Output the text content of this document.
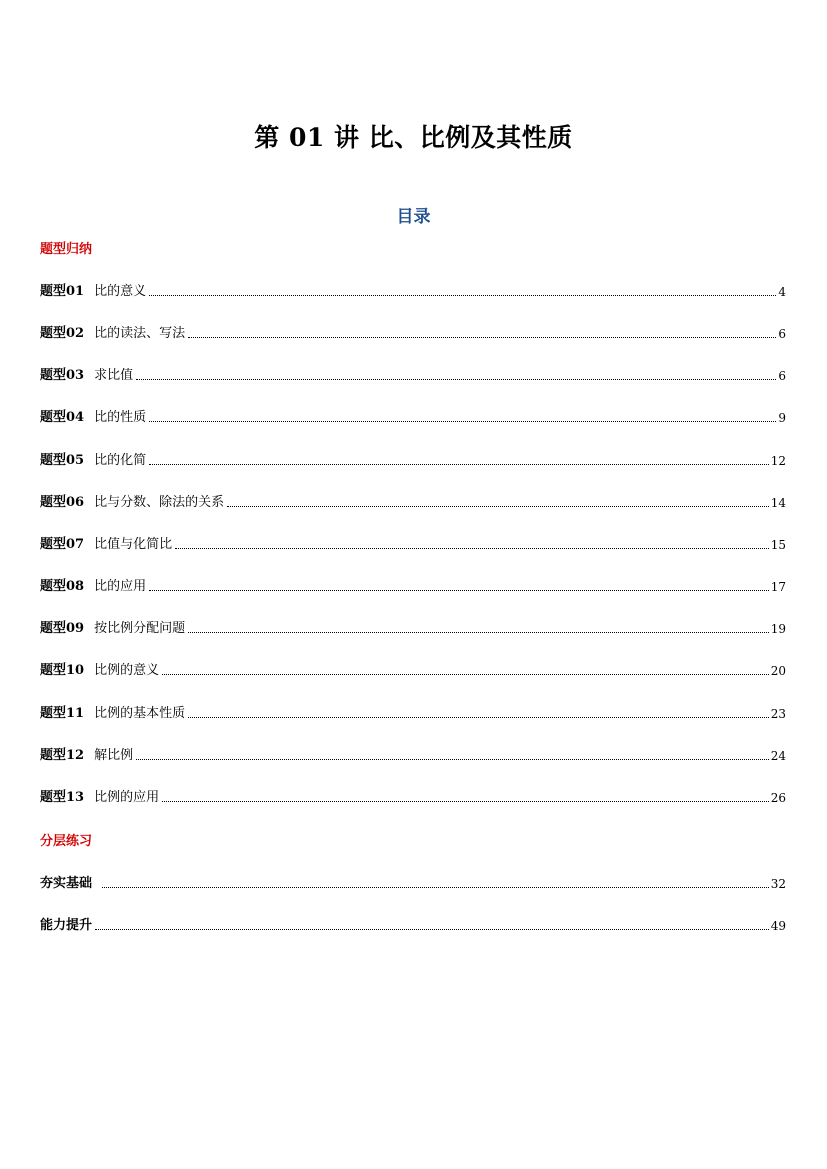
第 01 讲 比、比例及其性质
目录
题型归纳
题型 01 比的意义	4
题型 02 比的读法、写法	6
题型 03 求比值	6
题型 04 比的性质	9
题型 05 比的化简	12
题型 06 比与分数、除法的关系	14
题型 07 比值与化简比	15
题型 08 比的应用	17
题型 09 按比例分配问题	19
题型 10 比例的意义	20
题型 11 比例的基本性质	23
题型 12 解比例	24
题型 13 比例的应用	26
分层练习
夯实基础	32
能力提升	49
